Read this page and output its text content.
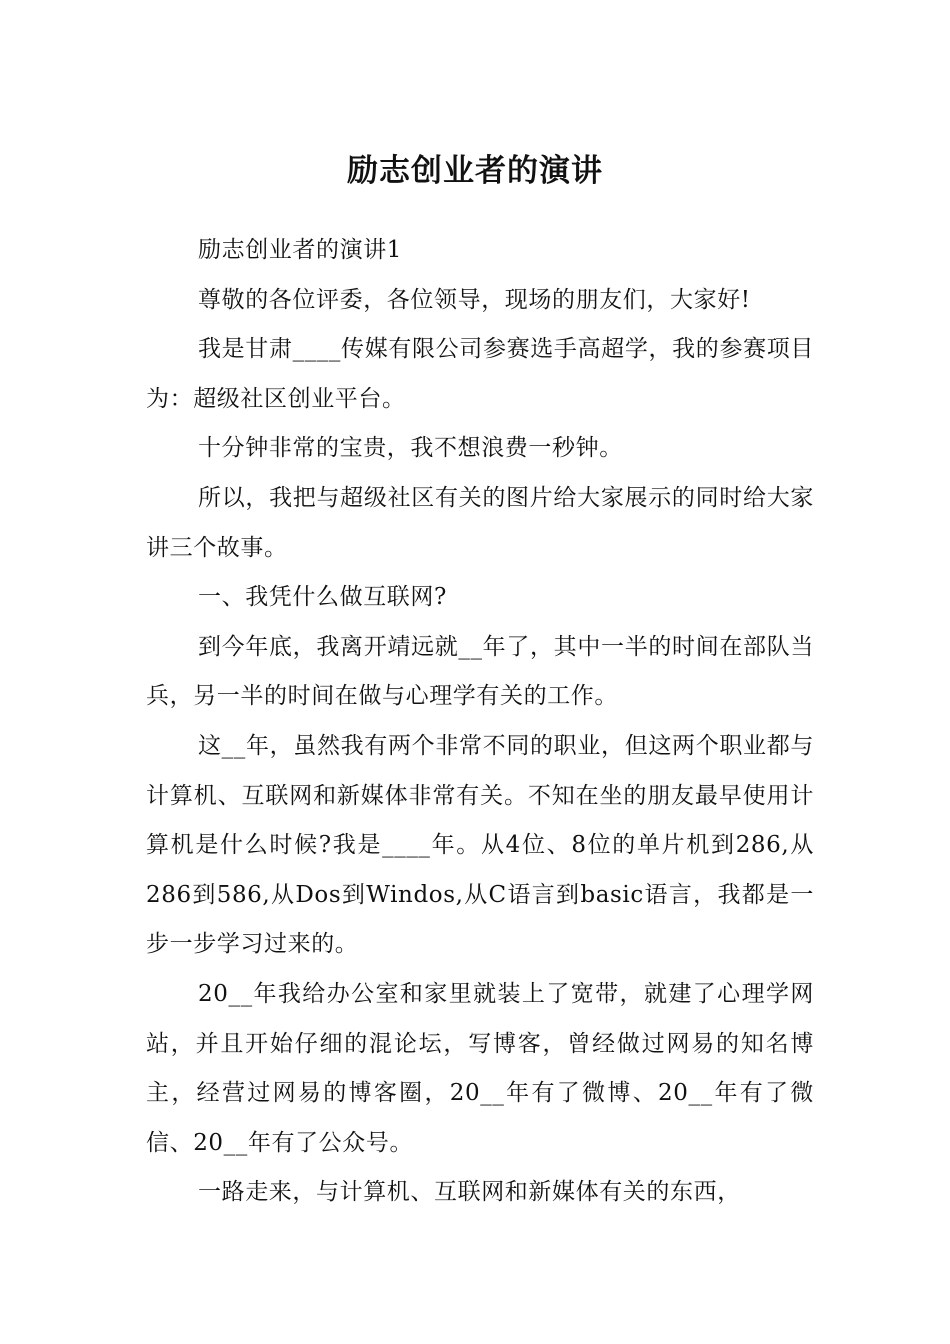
励志创业者的演讲

励志创业者的演讲1

尊敬的各位评委，各位领导，现场的朋友们，大家好!

我是甘肃____传媒有限公司参赛选手高超学，我的参赛项目为：超级社区创业平台。

十分钟非常的宝贵，我不想浪费一秒钟。

所以，我把与超级社区有关的图片给大家展示的同时给大家讲三个故事。

一、我凭什么做互联网?

到今年底，我离开靖远就__年了，其中一半的时间在部队当兵，另一半的时间在做与心理学有关的工作。

这__年，虽然我有两个非常不同的职业，但这两个职业都与计算机、互联网和新媒体非常有关。不知在坐的朋友最早使用计算机是什么时候?我是____年。从4位、8位的单片机到286,从286到586,从Dos到Windos,从C语言到basic语言，我都是一步一步学习过来的。

20__年我给办公室和家里就装上了宽带，就建了心理学网站，并且开始仔细的混论坛，写博客，曾经做过网易的知名博主，经营过网易的博客圈，20__年有了微博、20__年有了微信、20__年有了公众号。

一路走来，与计算机、互联网和新媒体有关的东西，
